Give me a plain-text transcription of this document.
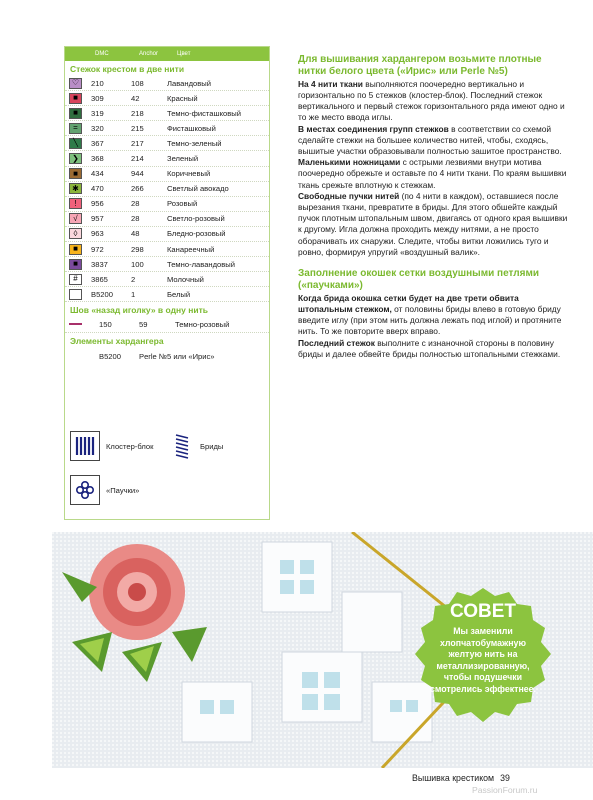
DMC	Anchor	Цвет
Стежок крестом в две нити
♡	210	108	Лавандовый
■	309	42	Красный
■	319	218	Темно-фисташковый
=	320	215	Фисташковый
╲	367	217	Темно-зеленый
❯	368	214	Зеленый
■	434	944	Коричневый
✱	470	266	Светлый авокадо
!	956	28	Розовый
√	957	28	Светло-розовый
◊	963	48	Бледно-розовый
■	972	298	Канареечный
■	3837	100	Темно-лавандовый
#	3865	2	Молочный
B5200	1	Белый
Шов «назад иголку» в одну нить
150	59	Темно-розовый
Элементы хардангера
B5200	Perle №5 или «Ирис»
Клостер-блок	Бриды
«Паучки»
Для вышивания хардангером возьмите плотные нитки белого цвета («Ирис» или Perle №5)

На 4 нити ткани выполняются поочередно вертикально и горизонтально по 5 стежков (клостер-блок). Последний стежок вертикального и первый стежок горизонтального ряда имеют одно и то же место ввода иглы.

В местах соединения групп стежков в соответствии со схемой сделайте стежки на большее количество нитей, чтобы, сходясь, вышитые участки образовывали полностью зашитое пространство.

Маленькими ножницами с острыми лезвиями внутри мотива поочередно обрежьте и оставьте по 4 нити ткани. По краям вышивки ткань срежьте вплотную к стежкам.

Свободные пучки нитей (по 4 нити в каждом), оставшиеся после вырезания ткани, превратите в бриды. Для этого обшейте каждый пучок плотным штопальным швом, двигаясь от одного края вышивки к другому. Игла должна проходить между нитями, а не просто оборачивать их снаружи. Следите, чтобы витки ложились туго и ровно, формируя упругий «воздушный валик».

Заполнение окошек сетки воздушными петлями («паучками»)

Когда брида окошка сетки будет на две трети обвита штопальным стежком, от половины бриды влево в готовую бриду введите иглу (при этом нить должна лежать под иглой) и протяните нить. То же повторите вверх вправо.

Последний стежок выполните с изнаночной стороны в половину бриды и далее обвейте бриды полностью штопальными стежками.

СОВЕТ
Мы заменили хлопчатобумажную желтую нить на металлизированную, чтобы подушечки смотрелись эффектнее.
Вышивка крестиком 39
PassionForum.ru
